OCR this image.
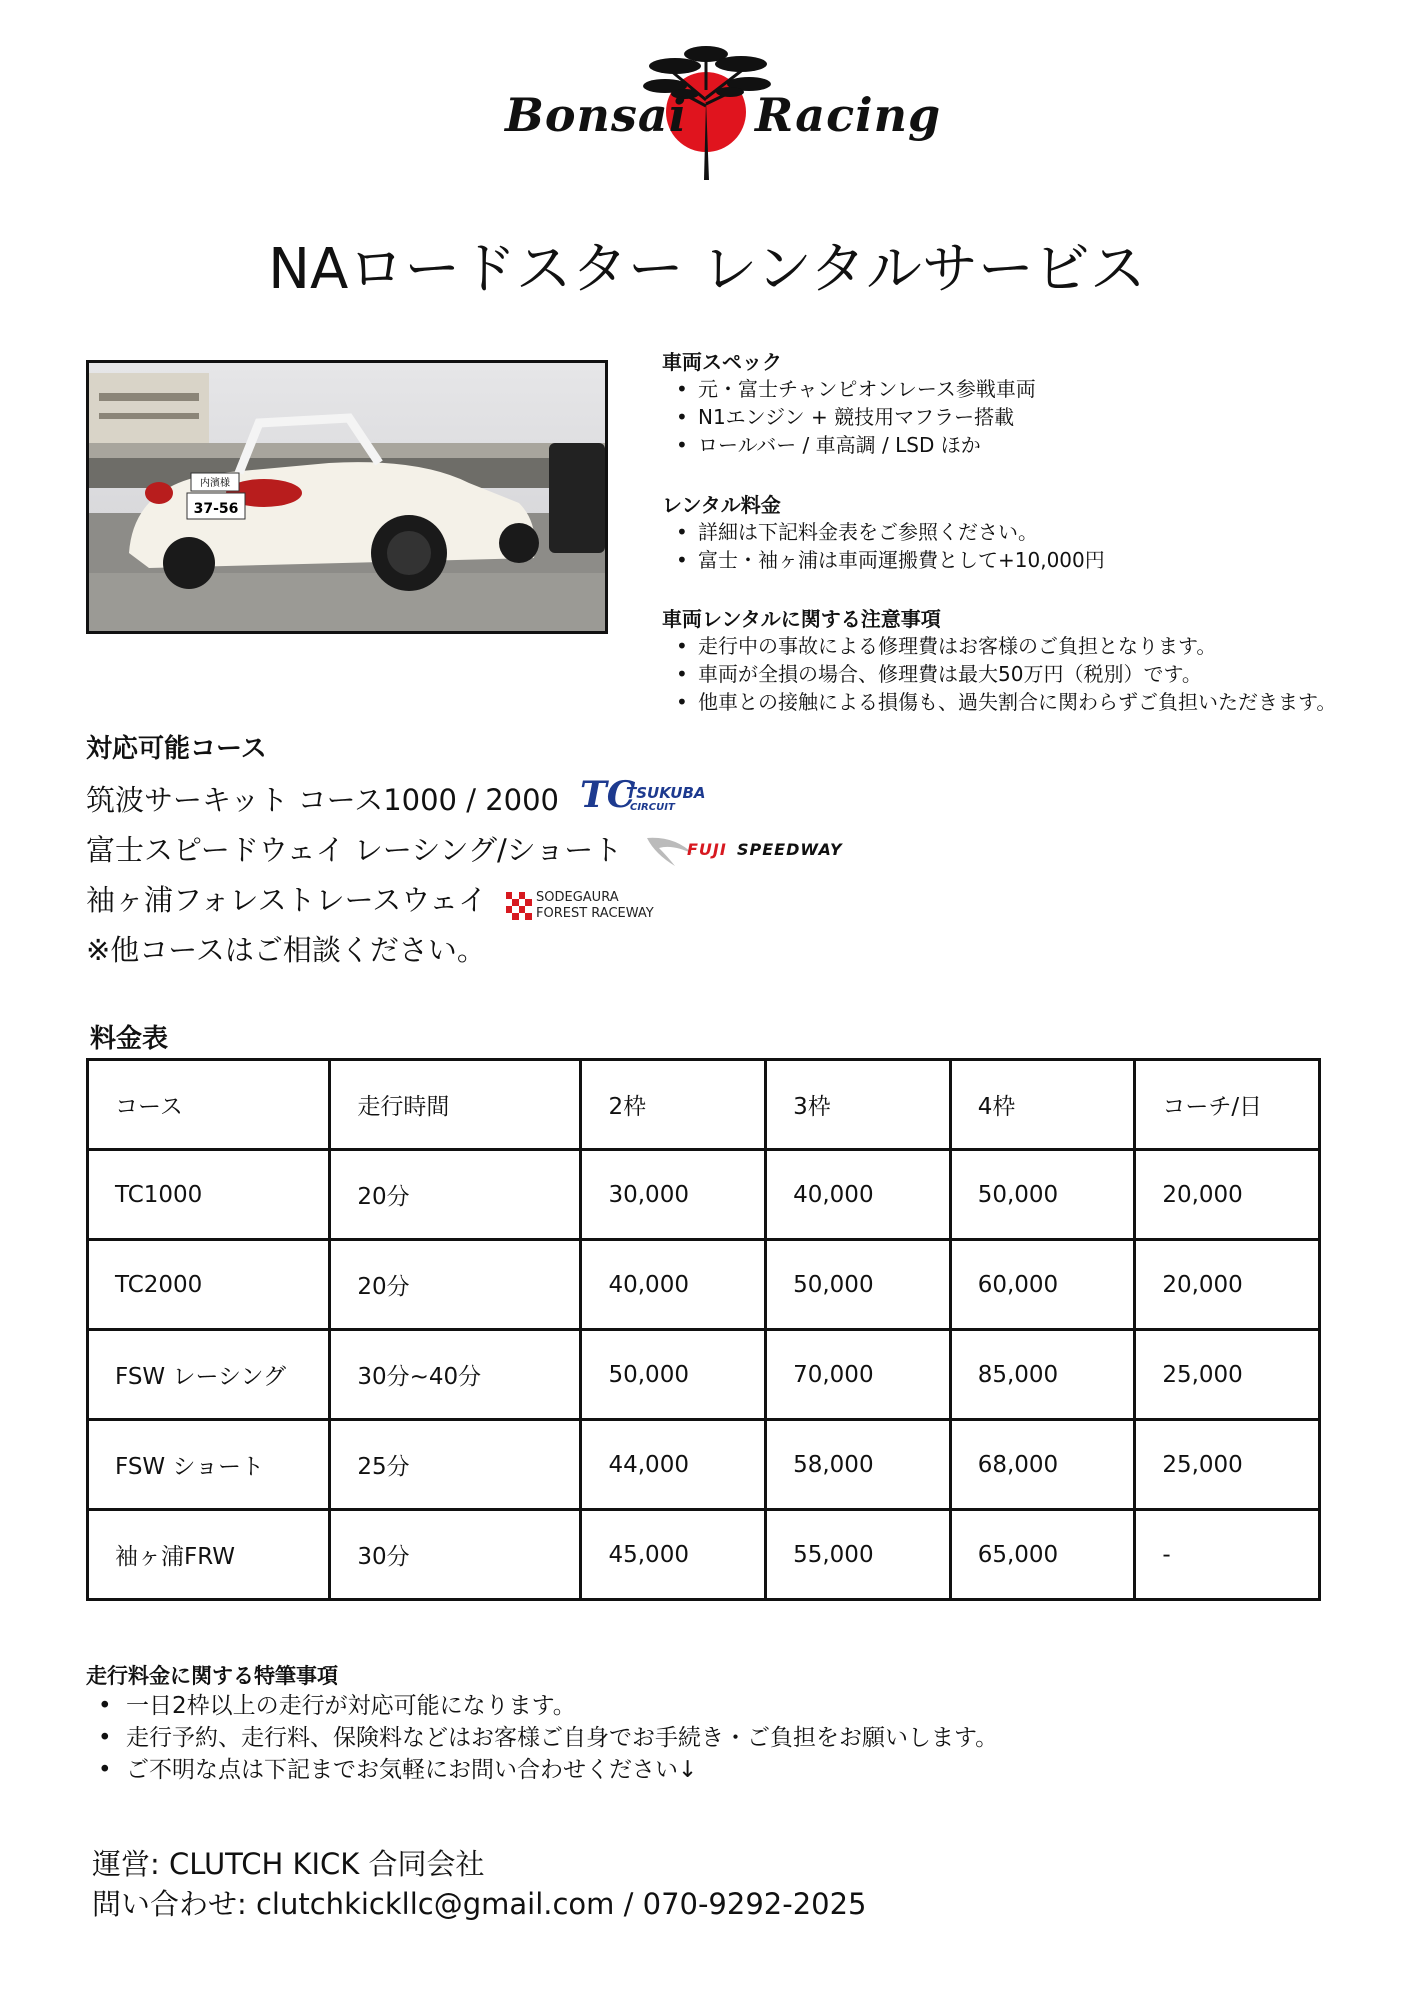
Bonsai Racing
NAロードスター レンタルサービス
内濱様
37-56
車両スペック
• 元・富士チャンピオンレース参戦車両
• N1エンジン + 競技用マフラー搭載
• ロールバー / 車高調 / LSD ほか
レンタル料金
• 詳細は下記料金表をご参照ください。
• 富士・袖ヶ浦は車両運搬費として+10,000円
車両レンタルに関する注意事項
• 走行中の事故による修理費はお客様のご負担となります。
• 車両が全損の場合、修理費は最大50万円（税別）です。
• 他車との接触による損傷も、過失割合に関わらずご負担いただきます。
対応可能コース
筑波サーキット コース1000 / 2000
富士スピードウェイ レーシング/ショート
袖ヶ浦フォレストレースウェイ
※他コースはご相談ください。
TC
TSUKUBA
CIRCUIT
FUJI SPEEDWAY
SODEGAURA
FOREST RACEWAY
料金表
コース	走行時間	2枠	3枠	4枠	コーチ/日
TC1000	20分	30,000	40,000	50,000	20,000
TC2000	20分	40,000	50,000	60,000	20,000
FSW レーシング	30分~40分	50,000	70,000	85,000	25,000
FSW ショート	25分	44,000	58,000	68,000	25,000
袖ヶ浦FRW	30分	45,000	55,000	65,000	-
走行料金に関する特筆事項
• 一日2枠以上の走行が対応可能になります。
• 走行予約、走行料、保険料などはお客様ご自身でお手続き・ご負担をお願いします。
• ご不明な点は下記までお気軽にお問い合わせください↓
運営: CLUTCH KICK 合同会社
問い合わせ: clutchkickllc@gmail.com / 070-9292-2025
